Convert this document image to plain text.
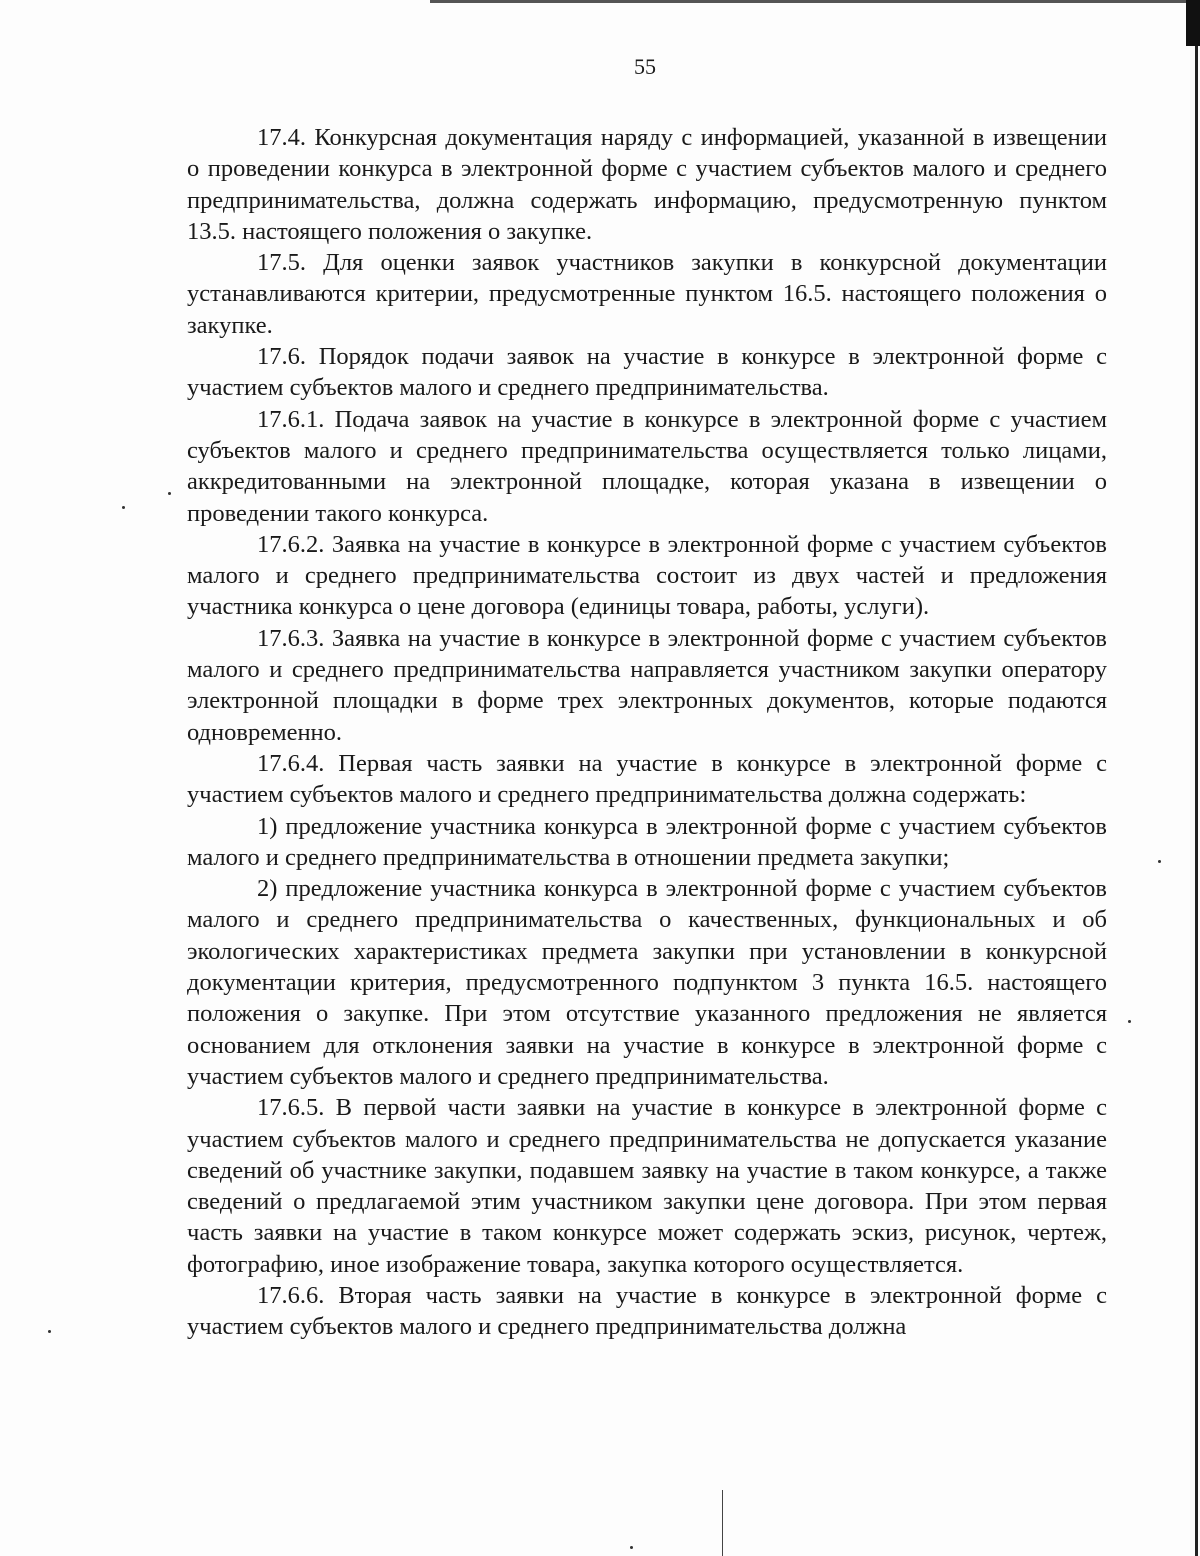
55

17.4. Конкурсная документация наряду с информацией, указанной в извещении о проведении конкурса в электронной форме с участием субъектов малого и среднего предпринимательства, должна содержать информацию, предусмотренную пунктом 13.5. настоящего положения о закупке.

17.5. Для оценки заявок участников закупки в конкурсной документации устанавливаются критерии, предусмотренные пунктом 16.5. настоящего положения о закупке.

17.6. Порядок подачи заявок на участие в конкурсе в электронной форме с участием субъектов малого и среднего предпринимательства.

17.6.1. Подача заявок на участие в конкурсе в электронной форме с участием субъектов малого и среднего предпринимательства осуществляется только лицами, аккредитованными на электронной площадке, которая указана в извещении о проведении такого конкурса.

17.6.2. Заявка на участие в конкурсе в электронной форме с участием субъектов малого и среднего предпринимательства состоит из двух частей и предложения участника конкурса о цене договора (единицы товара, работы, услуги).

17.6.3. Заявка на участие в конкурсе в электронной форме с участием субъектов малого и среднего предпринимательства направляется участником закупки оператору электронной площадки в форме трех электронных документов, которые подаются одновременно.

17.6.4. Первая часть заявки на участие в конкурсе в электронной форме с участием субъектов малого и среднего предпринимательства должна содержать:

1) предложение участника конкурса в электронной форме с участием субъектов малого и среднего предпринимательства в отношении предмета закупки;

2) предложение участника конкурса в электронной форме с участием субъектов малого и среднего предпринимательства о качественных, функциональных и об экологических характеристиках предмета закупки при установлении в конкурсной документации критерия, предусмотренного подпунктом 3 пункта 16.5. настоящего положения о закупке. При этом отсутствие указанного предложения не является основанием для отклонения заявки на участие в конкурсе в электронной форме с участием субъектов малого и среднего предпринимательства.

17.6.5. В первой части заявки на участие в конкурсе в электронной форме с участием субъектов малого и среднего предпринимательства не допускается указание сведений об участнике закупки, подавшем заявку на участие в таком конкурсе, а также сведений о предлагаемой этим участником закупки цене договора. При этом первая часть заявки на участие в таком конкурсе может содержать эскиз, рисунок, чертеж, фотографию, иное изображение товара, закупка которого осуществляется.

17.6.6. Вторая часть заявки на участие в конкурсе в электронной форме с участием субъектов малого и среднего предпринимательства должна
